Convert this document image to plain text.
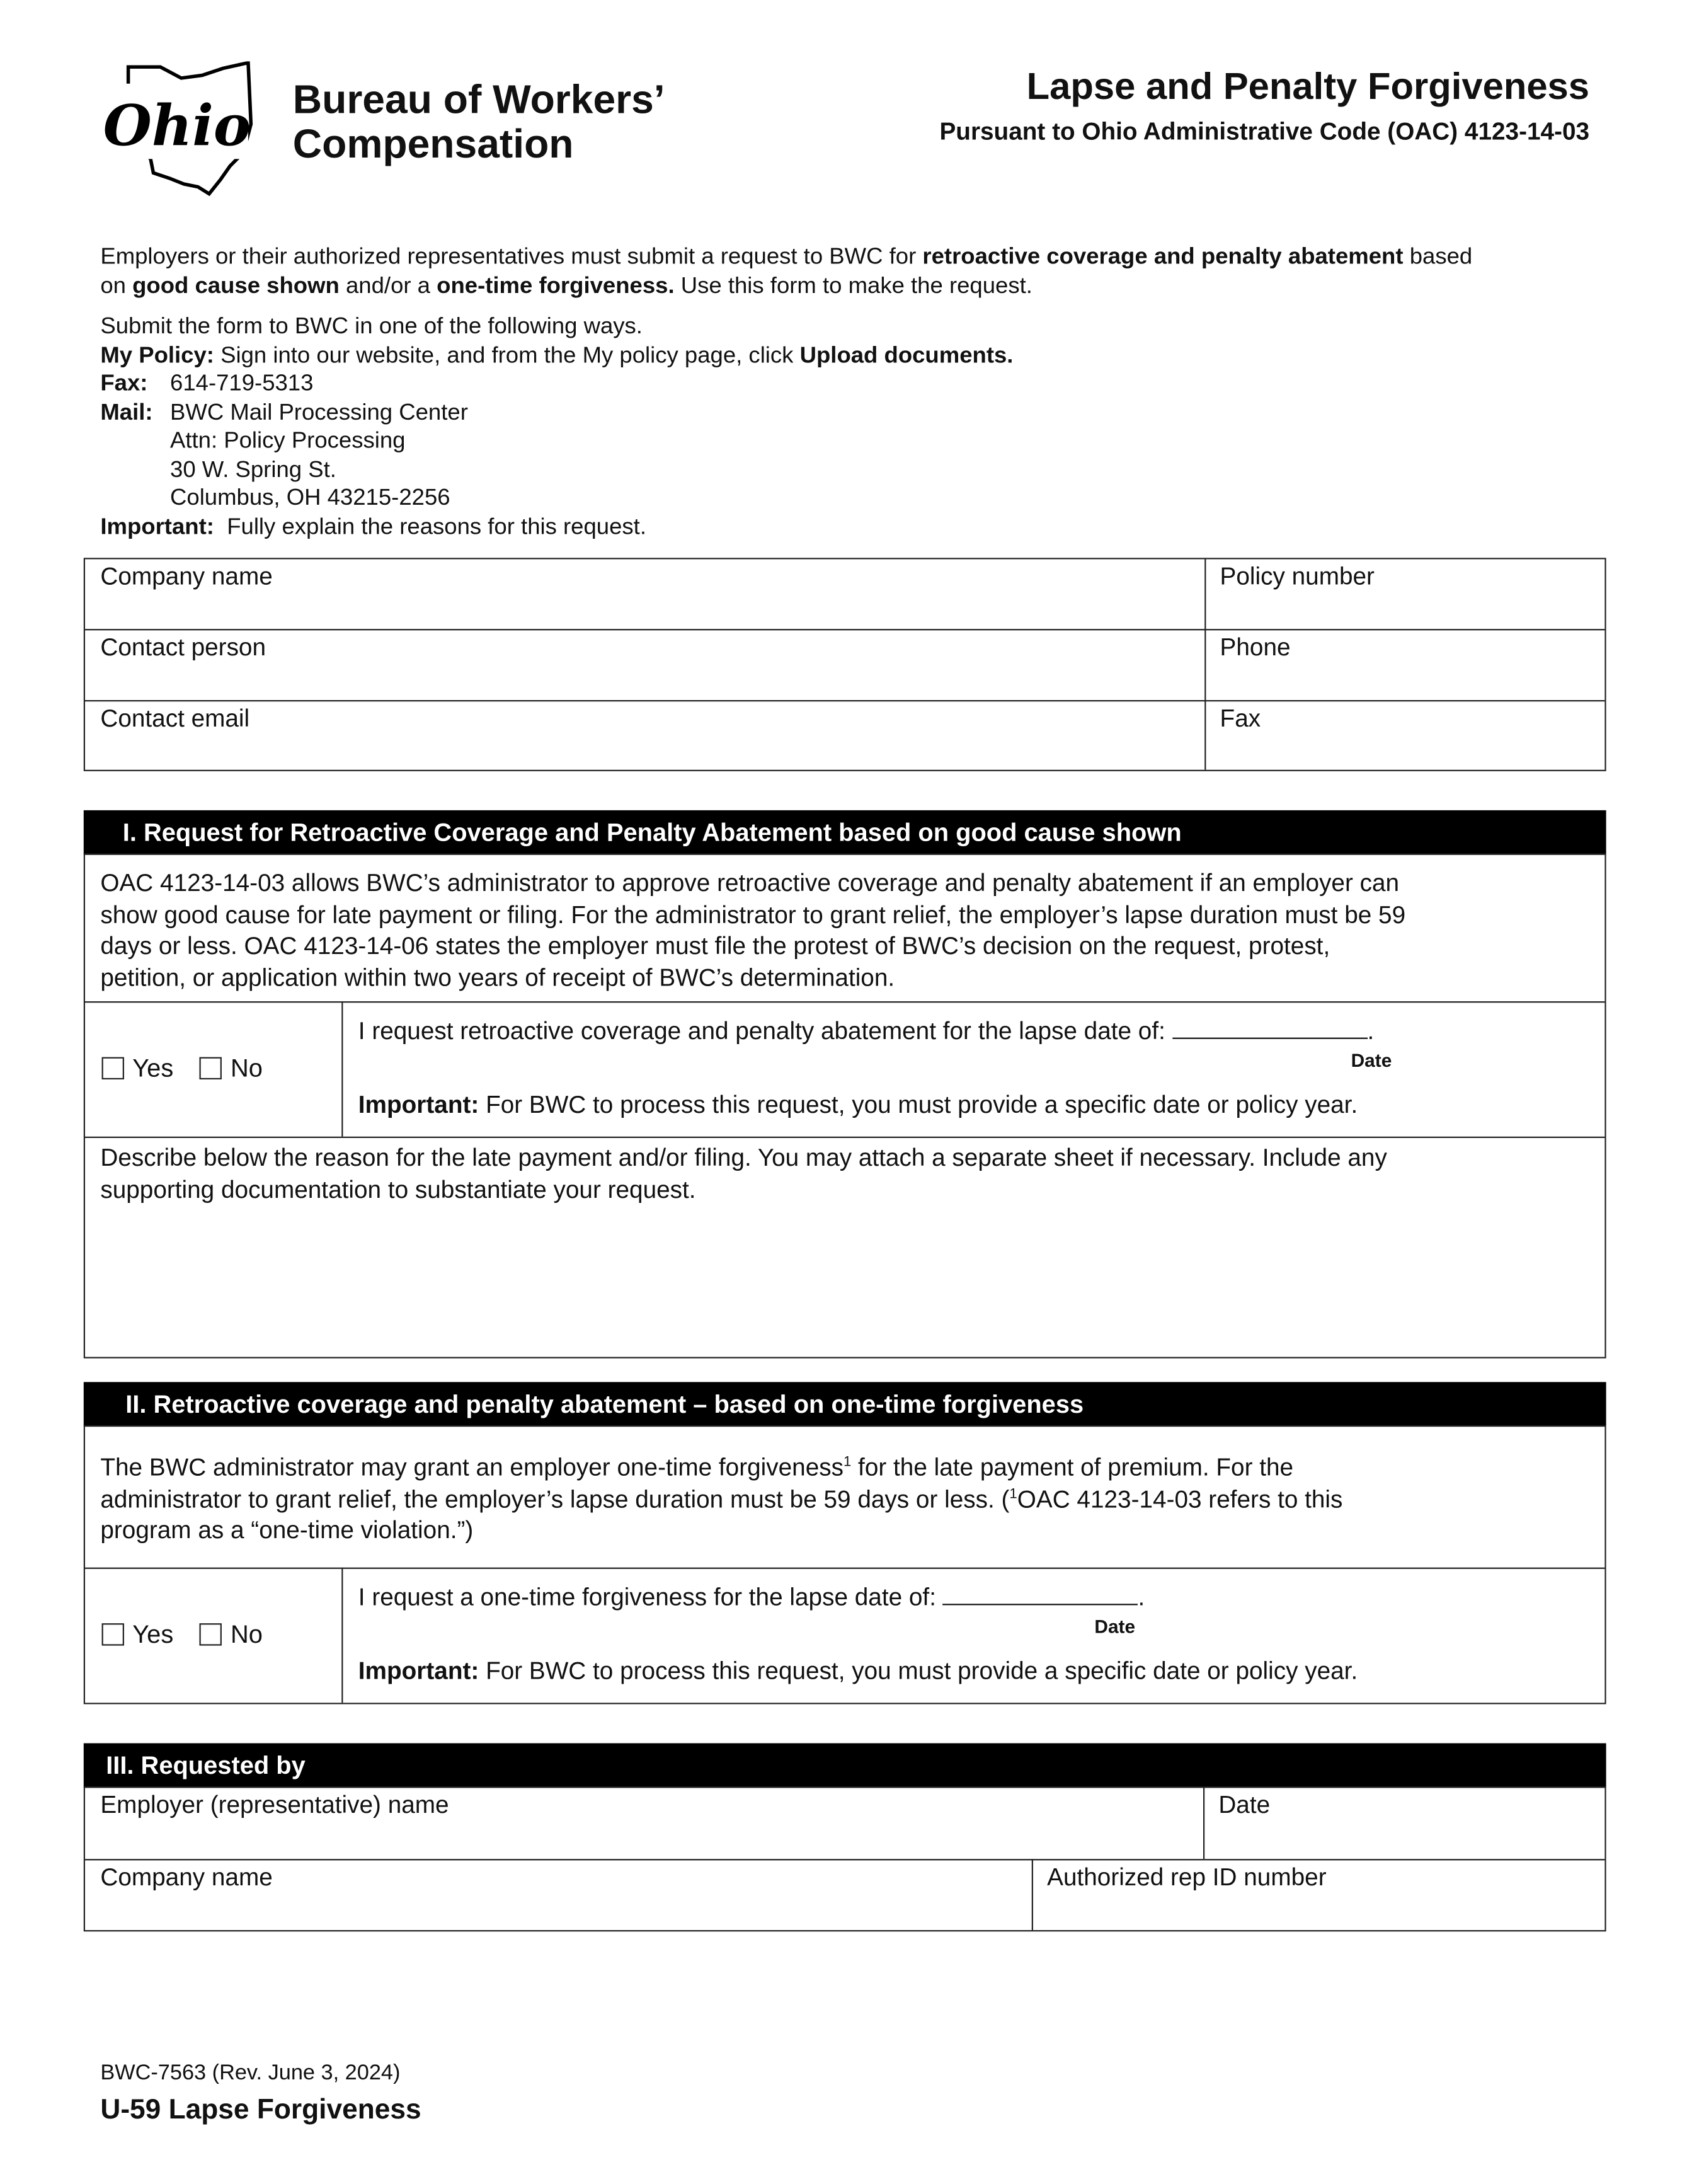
Ohio Bureau of Workers’
Compensation
Lapse and Penalty Forgiveness
Pursuant to Ohio Administrative Code (OAC) 4123-14-03
Employers or their authorized representatives must submit a request to BWC for retroactive coverage and penalty abatement based
on good cause shown and/or a one-time forgiveness. Use this form to make the request.
Submit the form to BWC in one of the following ways.
My Policy: Sign into our website, and from the My policy page, click Upload documents.
Fax: 614-719-5313
Mail: BWC Mail Processing Center
Attn: Policy Processing
30 W. Spring St.
Columbus, OH 43215-2256
Important: Fully explain the reasons for this request.
Company name	Policy number
Contact person	Phone
Contact email	Fax
I. Request for Retroactive Coverage and Penalty Abatement based on good cause shown
OAC 4123-14-03 allows BWC’s administrator to approve retroactive coverage and penalty abatement if an employer can
show good cause for late payment or filing. For the administrator to grant relief, the employer’s lapse duration must be 59
days or less. OAC 4123-14-06 states the employer must file the protest of BWC’s decision on the request, protest,
petition, or application within two years of receipt of BWC’s determination.
Yes	No
I request retroactive coverage and penalty abatement for the lapse date of:	.
Date
Important: For BWC to process this request, you must provide a specific date or policy year.
Describe below the reason for the late payment and/or filing. You may attach a separate sheet if necessary. Include any
supporting documentation to substantiate your request.
II. Retroactive coverage and penalty abatement – based on one-time forgiveness
The BWC administrator may grant an employer one-time forgiveness$^1$ for the late payment of premium. For the
administrator to grant relief, the employer’s lapse duration must be 59 days or less. ($^1$OAC 4123-14-03 refers to this
program as a “one-time violation.”)
Yes	No
I request a one-time forgiveness for the lapse date of:	.
Date
Important: For BWC to process this request, you must provide a specific date or policy year.
III. Requested by
Employer (representative) name	Date
Company name	Authorized rep ID number
BWC-7563 (Rev. June 3, 2024)
U-59 Lapse Forgiveness
